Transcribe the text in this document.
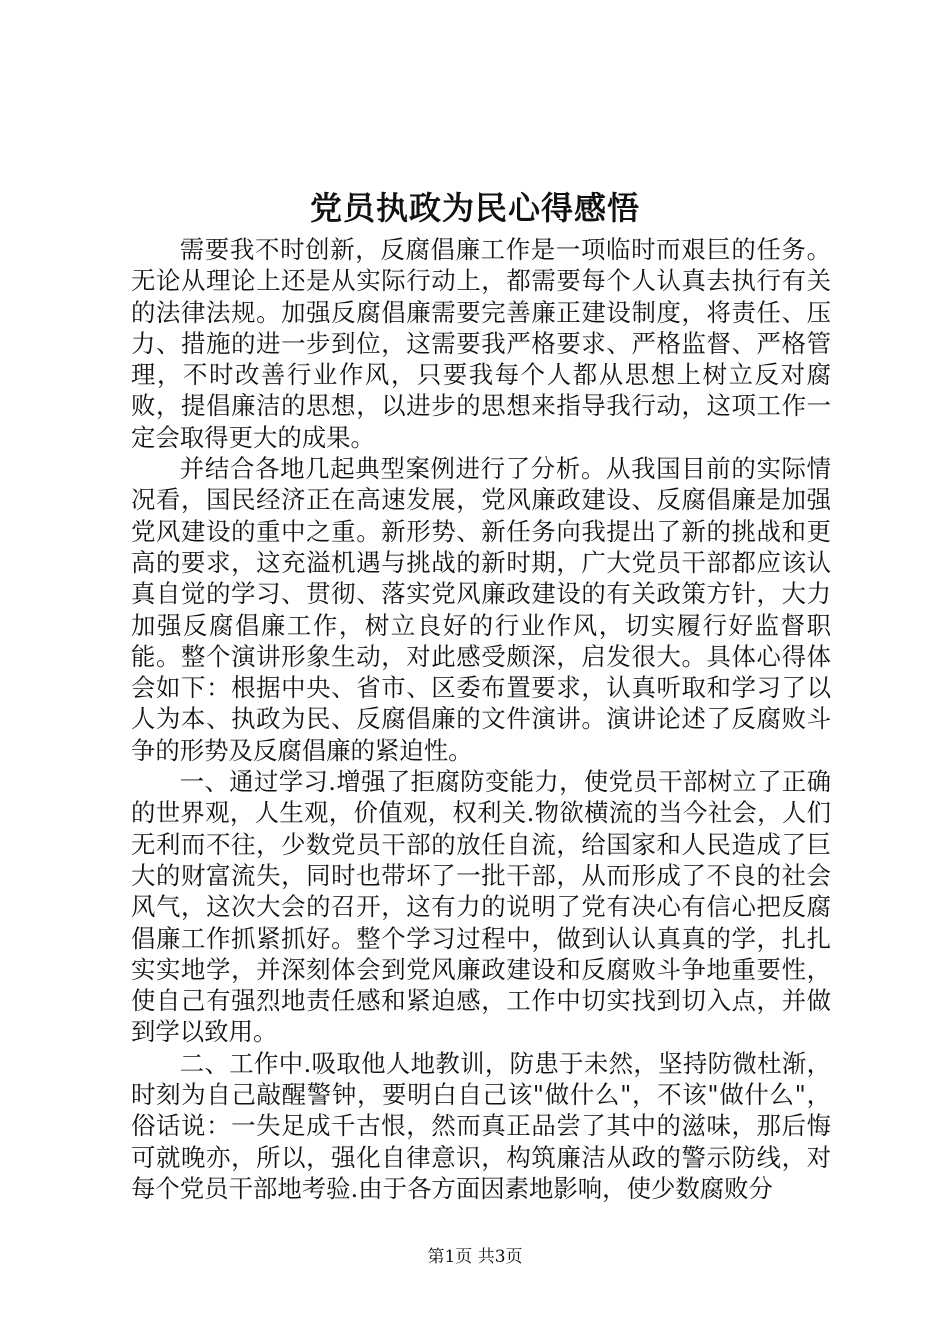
党员执政为民心得感悟

需要我不时创新，反腐倡廉工作是一项临时而艰巨的任务。无论从理论上还是从实际行动上，都需要每个人认真去执行有关的法律法规。加强反腐倡廉需要完善廉正建设制度，将责任、压力、措施的进一步到位，这需要我严格要求、严格监督、严格管理，不时改善行业作风，只要我每个人都从思想上树立反对腐败，提倡廉洁的思想，以进步的思想来指导我行动，这项工作一定会取得更大的成果。

并结合各地几起典型案例进行了分析。从我国目前的实际情况看，国民经济正在高速发展，党风廉政建设、反腐倡廉是加强党风建设的重中之重。新形势、新任务向我提出了新的挑战和更高的要求，这充溢机遇与挑战的新时期，广大党员干部都应该认真自觉的学习、贯彻、落实党风廉政建设的有关政策方针，大力加强反腐倡廉工作，树立良好的行业作风，切实履行好监督职能。整个演讲形象生动，对此感受颇深，启发很大。具体心得体会如下：根据中央、省市、区委布置要求，认真听取和学习了以人为本、执政为民、反腐倡廉的文件演讲。演讲论述了反腐败斗争的形势及反腐倡廉的紧迫性。

一、通过学习.增强了拒腐防变能力，使党员干部树立了正确的世界观，人生观，价值观，权利关.物欲横流的当今社会，人们无利而不往，少数党员干部的放任自流，给国家和人民造成了巨大的财富流失，同时也带坏了一批干部，从而形成了不良的社会风气，这次大会的召开，这有力的说明了党有决心有信心把反腐倡廉工作抓紧抓好。整个学习过程中，做到认认真真的学，扎扎实实地学，并深刻体会到党风廉政建设和反腐败斗争地重要性，使自己有强烈地责任感和紧迫感，工作中切实找到切入点，并做到学以致用。

二、工作中.吸取他人地教训，防患于未然，坚持防微杜渐，时刻为自己敲醒警钟，要明白自己该"做什么"，不该"做什么"，俗话说：一失足成千古恨，然而真正品尝了其中的滋味，那后悔可就晚亦，所以，强化自律意识，构筑廉洁从政的警示防线，对每个党员干部地考验.由于各方面因素地影响，使少数腐败分

第1页 共3页
